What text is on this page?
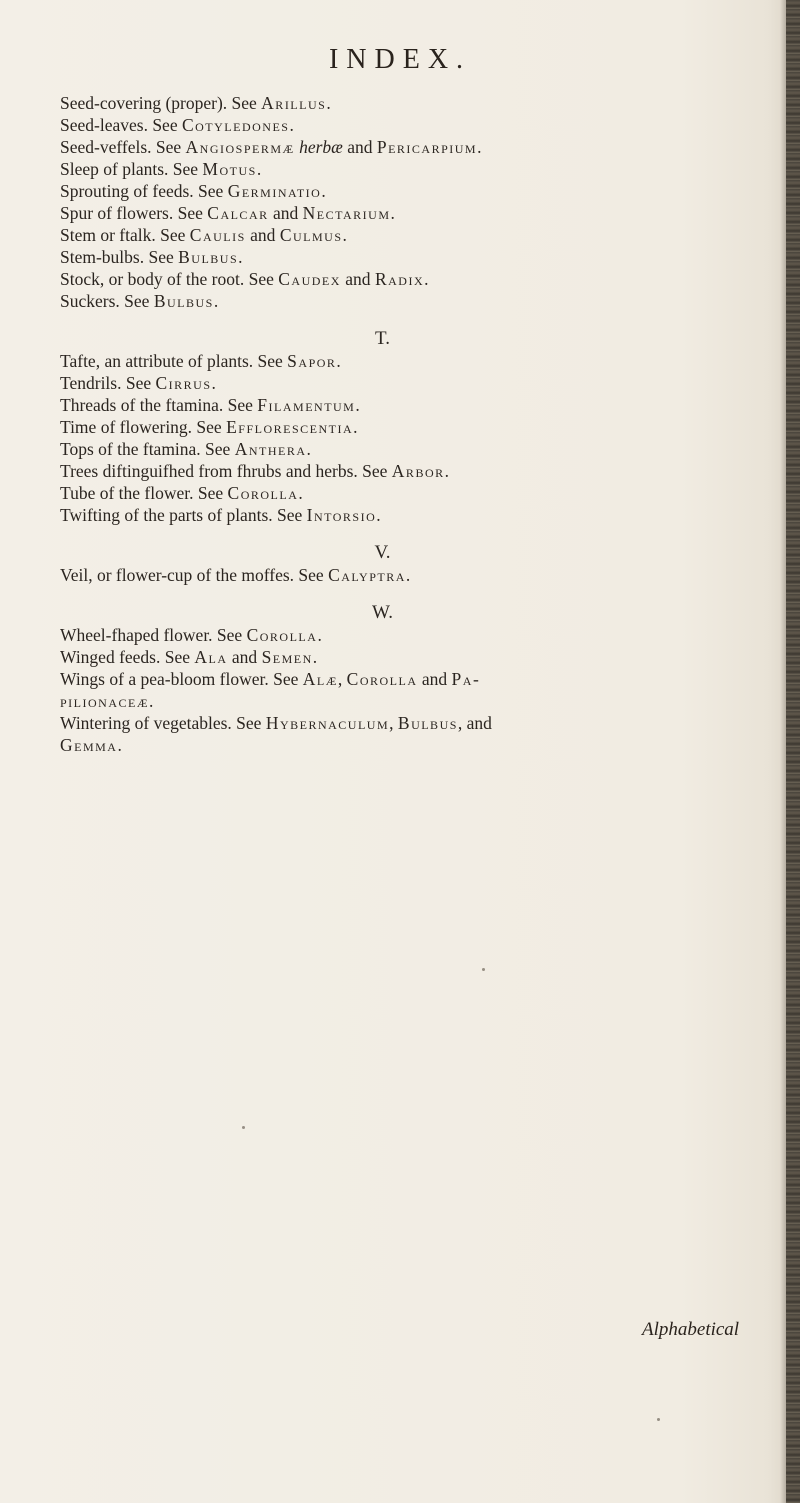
INDEX.
Seed-covering (proper). See Arillus.
Seed-leaves. See Cotyledones.
Seed-veffels. See Angiospermæ herbæ and Pericarpium.
Sleep of plants. See Motus.
Sprouting of feeds. See Germinatio.
Spur of flowers. See Calcar and Nectarium.
Stem or ftalk. See Caulis and Culmus.
Stem-bulbs. See Bulbus.
Stock, or body of the root. See Caudex and Radix.
Suckers. See Bulbus.
T.
Tafte, an attribute of plants. See Sapor.
Tendrils. See Cirrus.
Threads of the ftamina. See Filamentum.
Time of flowering. See Efflorescentia.
Tops of the ftamina. See Anthera.
Trees diftinguifhed from fhrubs and herbs. See Arbor.
Tube of the flower. See Corolla.
Twifting of the parts of plants. See Intorsio.
V.
Veil, or flower-cup of the moffes. See Calyptra.
W.
Wheel-fhaped flower. See Corolla.
Winged feeds. See Ala and Semen.
Wings of a pea-bloom flower. See Alæ, Corolla and Pa-
pilionaceæ.
Wintering of vegetables. See Hybernaculum, Bulbus, and
Gemma.
Alphabetical
